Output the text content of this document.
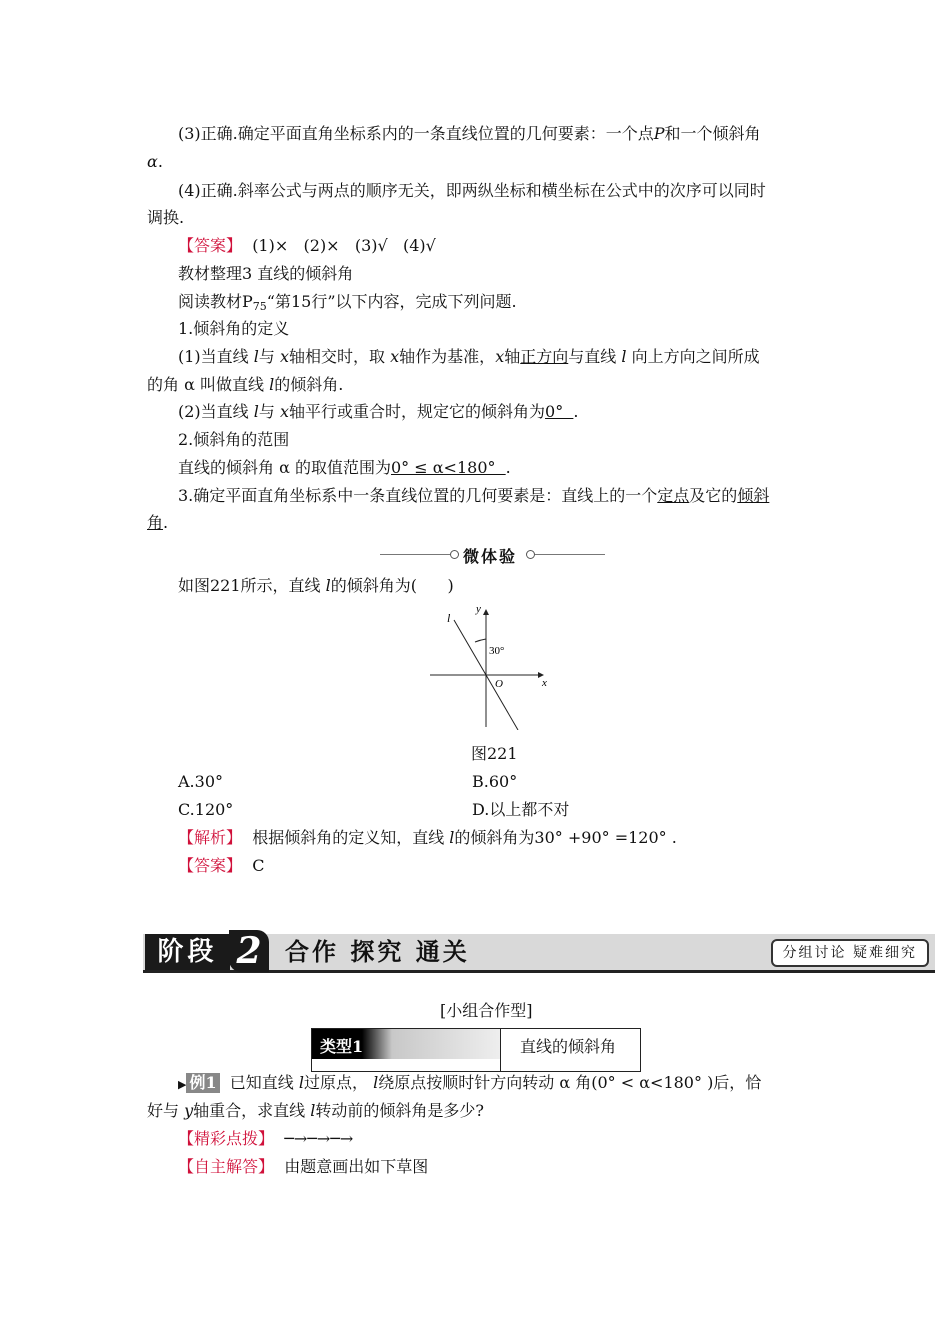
(3)正确.确定平面直角坐标系内的一条直线位置的几何要素：一个点P和一个倾斜角
α.
(4)正确.斜率公式与两点的顺序无关，即两纵坐标和横坐标在公式中的次序可以同时
调换.
【答案】  (1)×   (2)×   (3)√   (4)√
教材整理3 直线的倾斜角
阅读教材$P_{75}“$第15行”以下内容，完成下列问题.
1.倾斜角的定义
(1)当直线 l与 x轴相交时，取 x轴作为基准，x轴正方向与直线 l 向上方向之间所成
的角 α 叫做直线 l的倾斜角.
(2)当直线 l与 x轴平行或重合时，规定它的倾斜角为0°  .
2.倾斜角的范围
直线的倾斜角 α 的取值范围为0° ≤ α<180°  .
3.确定平面直角坐标系中一条直线位置的几何要素是：直线上的一个定点及它的倾斜
角.
微体验
如图221所示，直线 l的倾斜角为(      )
l
y
x
O
30°
图221
A.30°	B.60°
C.120°	D.以上都不对
【解析】  根据倾斜角的定义知，直线 l的倾斜角为30° +90° =120° .
【答案】  C
阶段 2 合作 探究 通关	分组讨论 疑难细究
[小组合作型]
类型1	直线的倾斜角
▶ 例1  已知直线 l过原点， l绕原点按顺时针方向转动 α 角(0° < α<180° )后，恰
好与 y轴重合，求直线 l转动前的倾斜角是多少?
【精彩点拨】  ─→─→─→
【自主解答】  由题意画出如下草图
